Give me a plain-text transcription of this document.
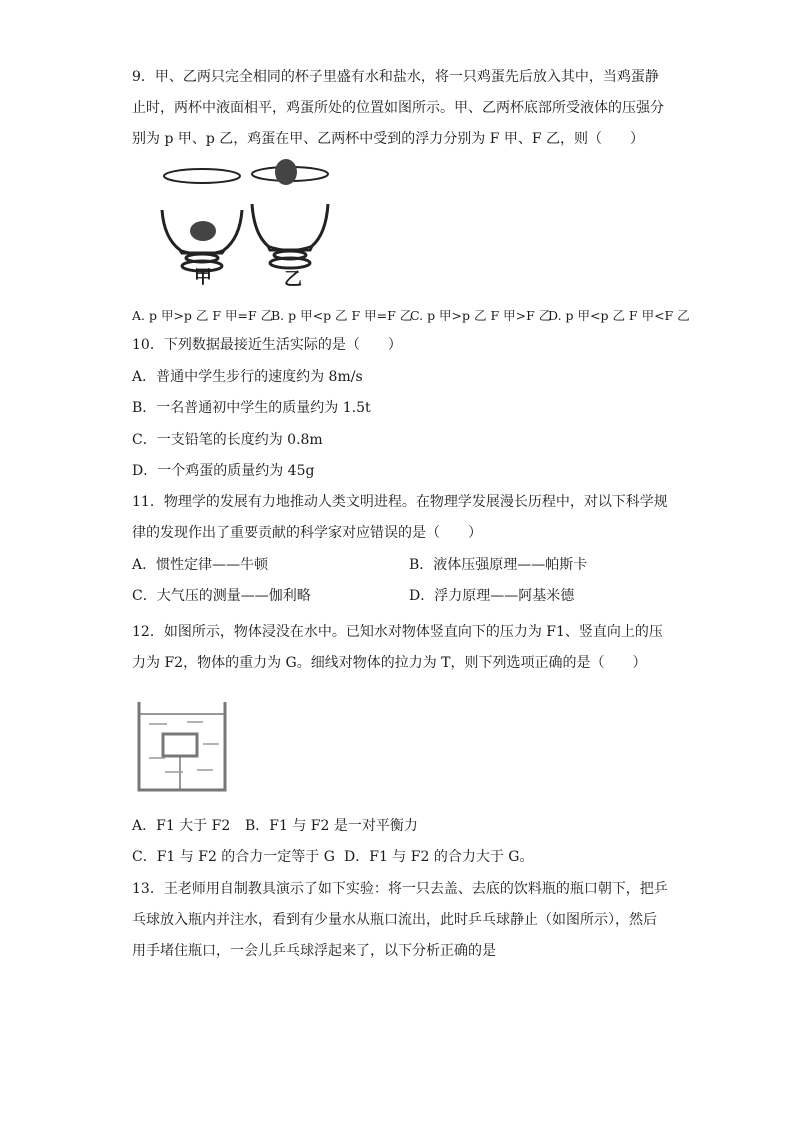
9．甲、乙两只完全相同的杯子里盛有水和盐水，将一只鸡蛋先后放入其中，当鸡蛋静
止时，两杯中液面相平，鸡蛋所处的位置如图所示。甲、乙两杯底部所受液体的压强分
别为 p 甲、p 乙，鸡蛋在甲、乙两杯中受到的浮力分别为 F 甲、F 乙，则（　　）
甲	乙
A. p 甲>p 乙 F 甲=F 乙
B. p 甲<p 乙 F 甲=F 乙
C. p 甲>p 乙 F 甲>F 乙
D. p 甲<p 乙 F 甲<F 乙
10．下列数据最接近生活实际的是（　　）
A．普通中学生步行的速度约为 8m/s
B．一名普通初中学生的质量约为 1.5t
C．一支铅笔的长度约为 0.8m
D．一个鸡蛋的质量约为 45g
11．物理学的发展有力地推动人类文明进程。在物理学发展漫长历程中，对以下科学规
律的发现作出了重要贡献的科学家对应错误的是（　　）
A．惯性定律——牛顿	B．液体压强原理——帕斯卡
C．大气压的测量——伽利略	D．浮力原理——阿基米德
12．如图所示，物体浸没在水中。已知水对物体竖直向下的压力为 F1、竖直向上的压
力为 F2，物体的重力为 G。细线对物体的拉力为 T，则下列选项正确的是（　　）
A．F1 大于 F2 B．F1 与 F2 是一对平衡力
C．F1 与 F2 的合力一定等于 G D．F1 与 F2 的合力大于 G。
13．王老师用自制教具演示了如下实验：将一只去盖、去底的饮料瓶的瓶口朝下，把乒
乓球放入瓶内并注水，看到有少量水从瓶口流出，此时乒乓球静止（如图所示），然后
用手堵住瓶口，一会儿乒乓球浮起来了，以下分析正确的是
